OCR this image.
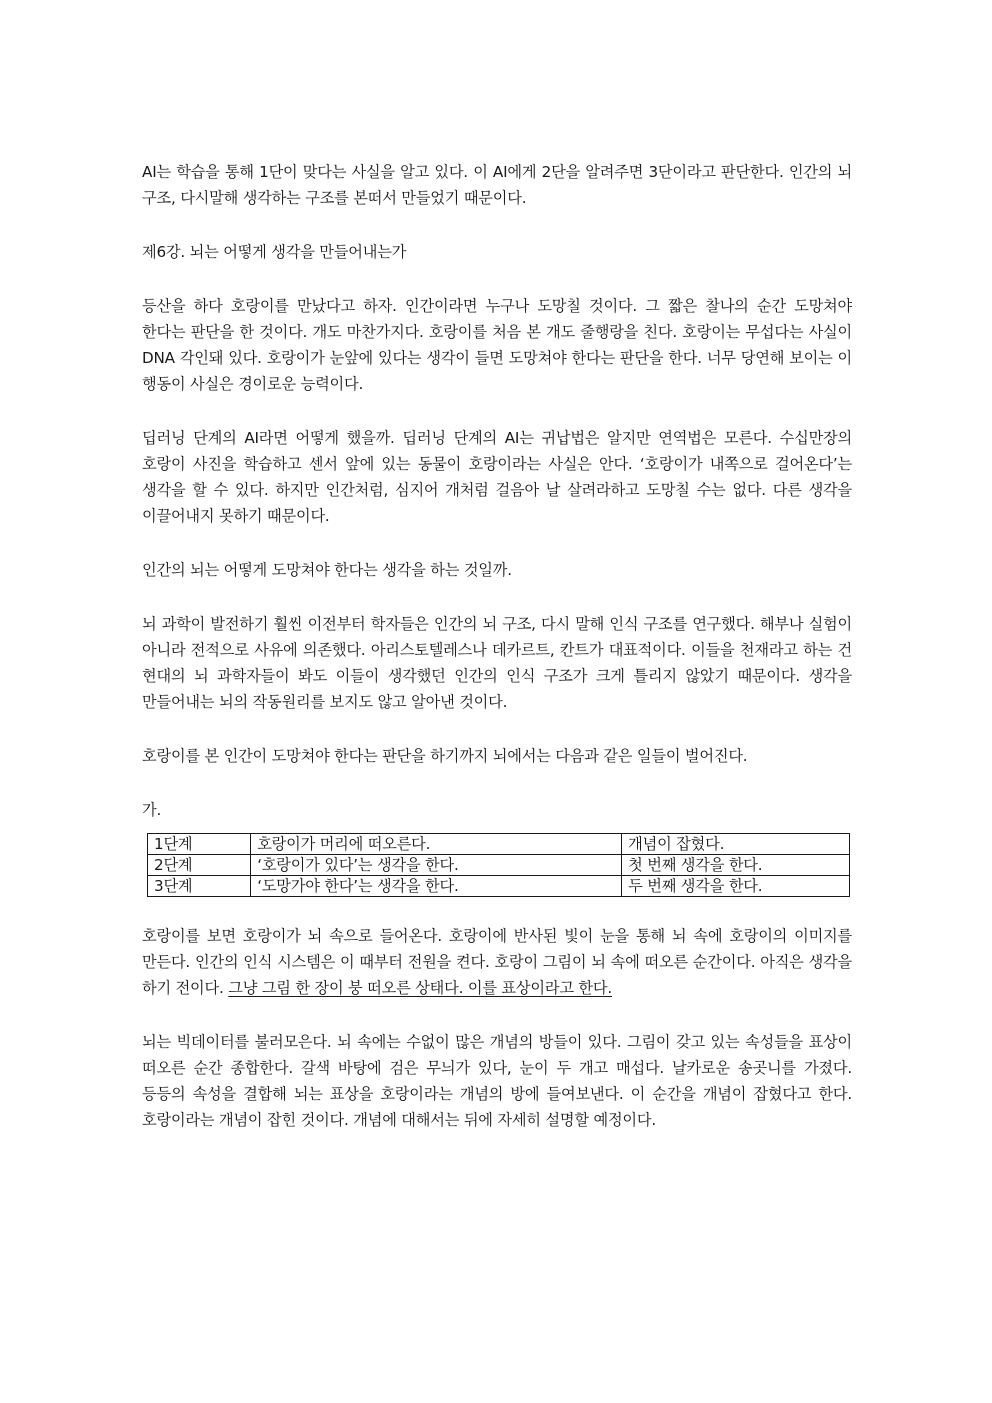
AI는 학습을 통해 1단이 맞다는 사실을 알고 있다. 이 AI에게 2단을 알려주면 3단이라고 판단한다. 인간의 뇌 구조, 다시말해 생각하는 구조를 본떠서 만들었기 때문이다.

제6강. 뇌는 어떻게 생각을 만들어내는가

등산을 하다 호랑이를 만났다고 하자. 인간이라면 누구나 도망칠 것이다. 그 짧은 찰나의 순간 도망쳐야 한다는 판단을 한 것이다. 개도 마찬가지다. 호랑이를 처음 본 개도 줄행랑을 친다. 호랑이는 무섭다는 사실이 DNA 각인돼 있다. 호랑이가 눈앞에 있다는 생각이 들면 도망쳐야 한다는 판단을 한다. 너무 당연해 보이는 이 행동이 사실은 경이로운 능력이다.

딥러닝 단계의 AI라면 어떻게 했을까. 딥러닝 단계의 AI는 귀납법은 알지만 연역법은 모른다. 수십만장의 호랑이 사진을 학습하고 센서 앞에 있는 동물이 호랑이라는 사실은 안다. ‘호랑이가 내쪽으로 걸어온다’는 생각을 할 수 있다. 하지만 인간처럼, 심지어 개처럼 걸음아 날 살려라하고 도망칠 수는 없다. 다른 생각을 이끌어내지 못하기 때문이다.

인간의 뇌는 어떻게 도망쳐야 한다는 생각을 하는 것일까.

뇌 과학이 발전하기 훨씬 이전부터 학자들은 인간의 뇌 구조, 다시 말해 인식 구조를 연구했다. 해부나 실험이 아니라 전적으로 사유에 의존했다. 아리스토텔레스나 데카르트, 칸트가 대표적이다. 이들을 천재라고 하는 건 현대의 뇌 과학자들이 봐도 이들이 생각했던 인간의 인식 구조가 크게 틀리지 않았기 때문이다. 생각을 만들어내는 뇌의 작동원리를 보지도 않고 알아낸 것이다.

호랑이를 본 인간이 도망쳐야 한다는 판단을 하기까지 뇌에서는 다음과 같은 일들이 벌어진다.

가.

1단계	호랑이가 머리에 떠오른다.	개념이 잡혔다.
2단계	‘호랑이가 있다’는 생각을 한다.	첫 번째 생각을 한다.
3단계	‘도망가야 한다’는 생각을 한다.	두 번째 생각을 한다.

호랑이를 보면 호랑이가 뇌 속으로 들어온다. 호랑이에 반사된 빛이 눈을 통해 뇌 속에 호랑이의 이미지를 만든다. 인간의 인식 시스템은 이 때부터 전원을 켠다. 호랑이 그림이 뇌 속에 떠오른 순간이다. 아직은 생각을 하기 전이다. 그냥 그림 한 장이 붕 떠오른 상태다. 이를 표상이라고 한다.

뇌는 빅데이터를 불러모은다. 뇌 속에는 수없이 많은 개념의 방들이 있다. 그림이 갖고 있는 속성들을 표상이 떠오른 순간 종합한다. 갈색 바탕에 검은 무늬가 있다, 눈이 두 개고 매섭다. 날카로운 송곳니를 가졌다. 등등의 속성을 결합해 뇌는 표상을 호랑이라는 개념의 방에 들여보낸다. 이 순간을 개념이 잡혔다고 한다. 호랑이라는 개념이 잡힌 것이다. 개념에 대해서는 뒤에 자세히 설명할 예정이다.
